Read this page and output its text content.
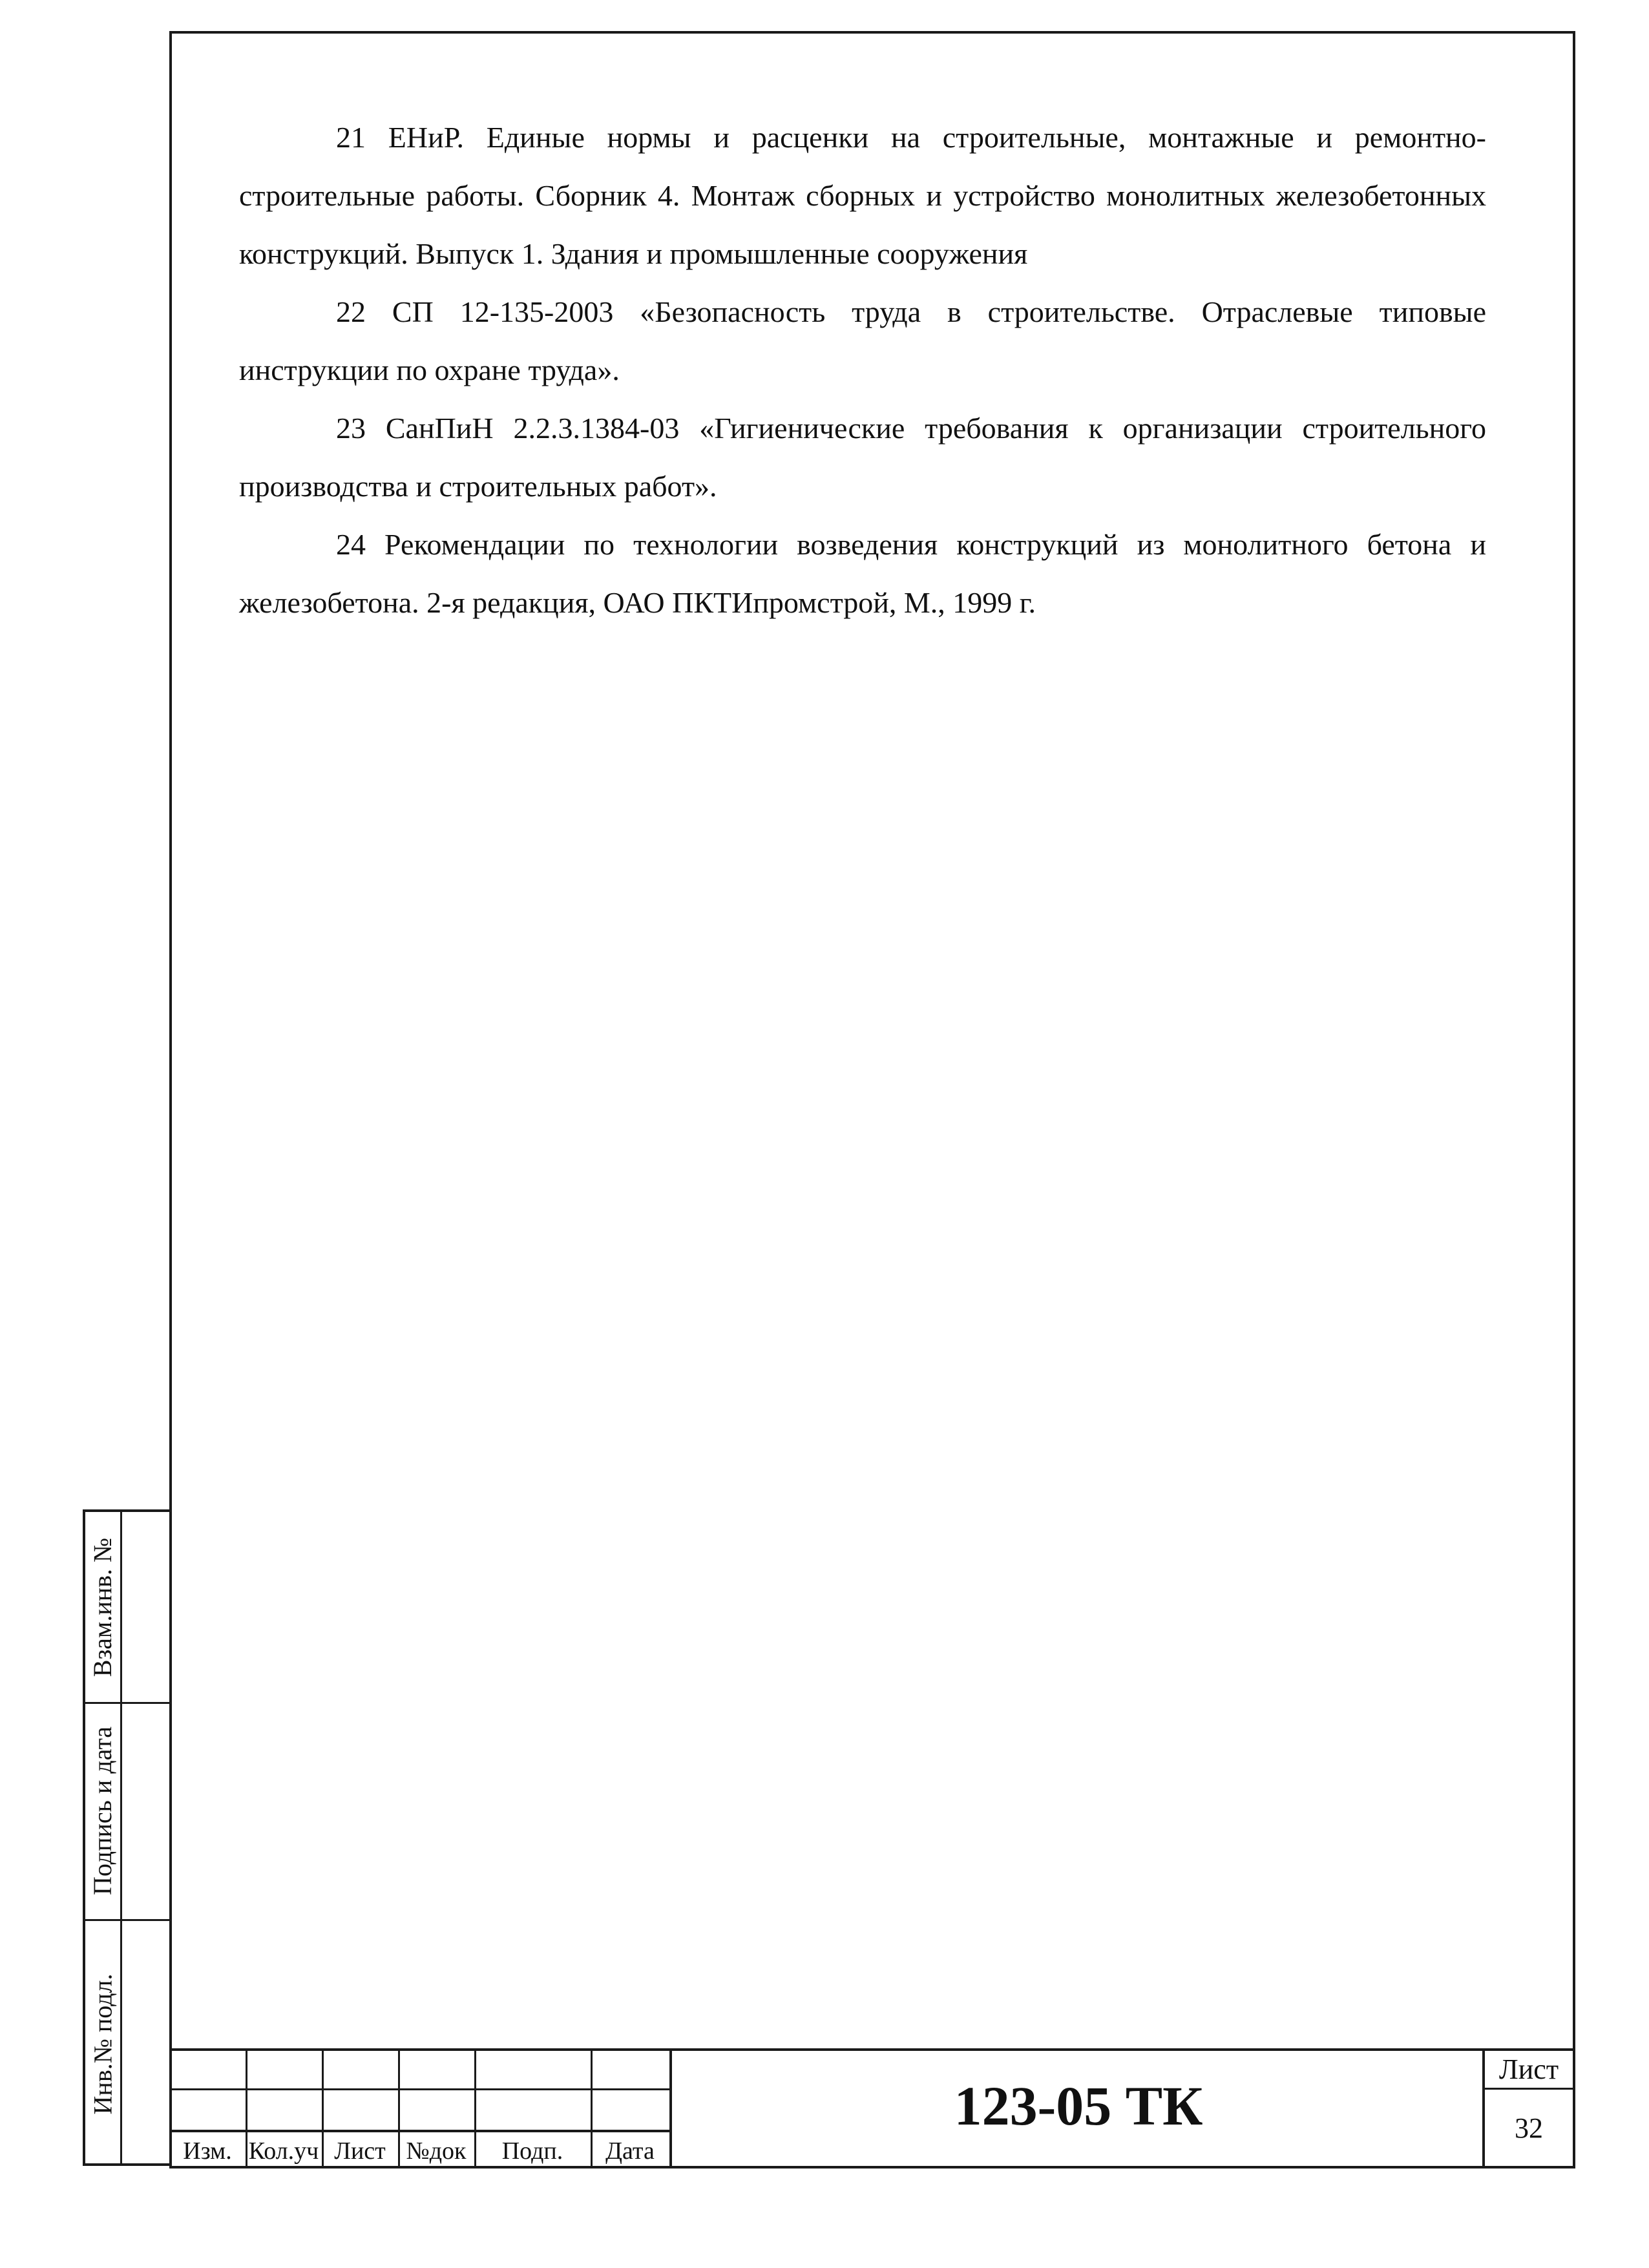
21 ЕНиР. Единые нормы и расценки на строительные, монтажные и ремонтно-строительные работы. Сборник 4. Монтаж сборных и устройство монолитных железобетонных конструкций. Выпуск 1. Здания и промышленные сооружения

22 СП 12-135-2003 «Безопасность труда в строительстве. Отраслевые типовые инструкции по охране труда».

23 СанПиН 2.2.3.1384-03 «Гигиенические требования к организации строительного производства и строительных работ».

24 Рекомендации по технологии возведения конструкций из монолитного бетона и железобетона. 2-я редакция, ОАО ПКТИпромстрой, М., 1999 г.

Взам.инв. №
Подпись и дата
Инв.№ подл.
Изм. Кол.уч Лист №док	Подп.	Дата
123-05 ТК
Лист
32
